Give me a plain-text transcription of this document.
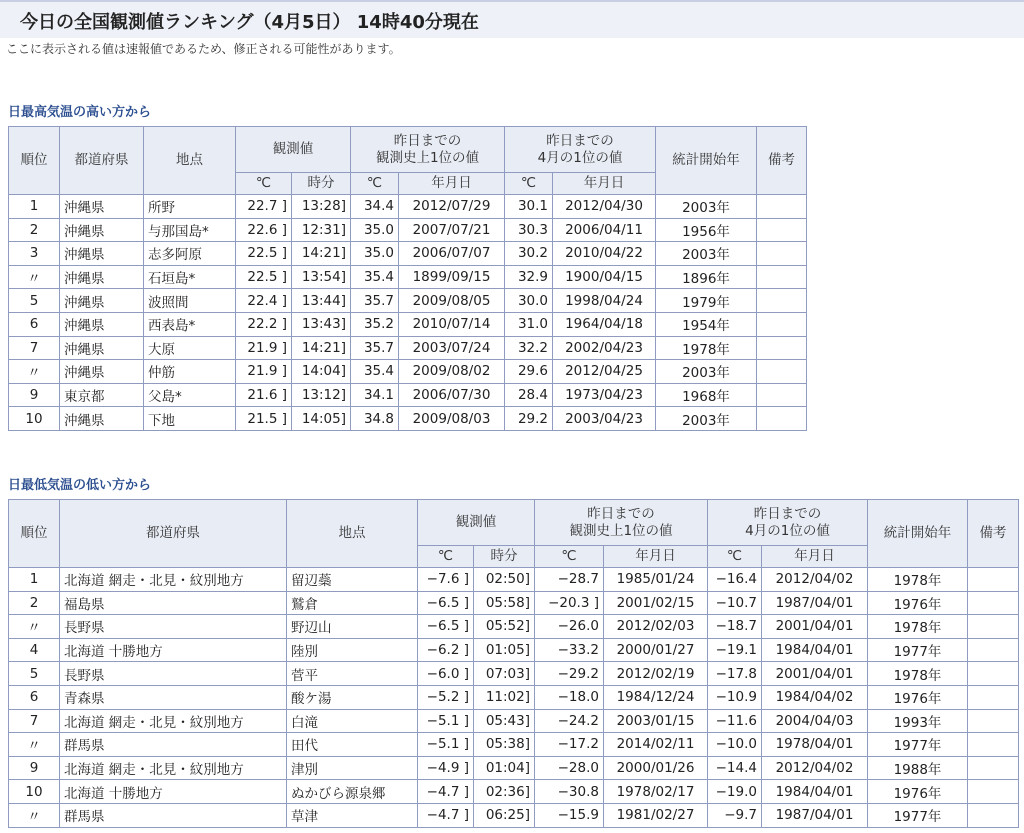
今日の全国観測値ランキング（4月5日） 14時40分現在
ここに表示される値は速報値であるため、修正される可能性があります。
日最高気温の高い方から
順位	都道府県	地点	観測値		昨日までの
観測史上1位の値		昨日までの
4月の1位の値		統計開始年	備考
			℃	時分	℃	年月日	℃	年月日		
1	沖縄県	所野	22.7 ]	13:28]	34.4	2012/07/29	30.1	2012/04/30	2003年	
2	沖縄県	与那国島*	22.6 ]	12:31]	35.0	2007/07/21	30.3	2006/04/11	1956年	
3	沖縄県	志多阿原	22.5 ]	14:21]	35.0	2006/07/07	30.2	2010/04/22	2003年	
〃	沖縄県	石垣島*	22.5 ]	13:54]	35.4	1899/09/15	32.9	1900/04/15	1896年	
5	沖縄県	波照間	22.4 ]	13:44]	35.7	2009/08/05	30.0	1998/04/24	1979年	
6	沖縄県	西表島*	22.2 ]	13:43]	35.2	2010/07/14	31.0	1964/04/18	1954年	
7	沖縄県	大原	21.9 ]	14:21]	35.7	2003/07/24	32.2	2002/04/23	1978年	
〃	沖縄県	仲筋	21.9 ]	14:04]	35.4	2009/08/02	29.6	2012/04/25	2003年	
9	東京都	父島*	21.6 ]	13:12]	34.1	2006/07/30	28.4	1973/04/23	1968年	
10	沖縄県	下地	21.5 ]	14:05]	34.8	2009/08/03	29.2	2003/04/23	2003年	
日最低気温の低い方から
順位	都道府県	地点	観測値		昨日までの
観測史上1位の値		昨日までの
4月の1位の値		統計開始年	備考
			℃	時分	℃	年月日	℃	年月日		
1	北海道 網走・北見・紋別地方	留辺蘂	−7.6 ]	02:50]	−28.7	1985/01/24	−16.4	2012/04/02	1978年	
2	福島県	鷲倉	−6.5 ]	05:58]	−20.3 ]	2001/02/15	−10.7	1987/04/01	1976年	
〃	長野県	野辺山	−6.5 ]	05:52]	−26.0	2012/02/03	−18.7	2001/04/01	1978年	
4	北海道 十勝地方	陸別	−6.2 ]	01:05]	−33.2	2000/01/27	−19.1	1984/04/01	1977年	
5	長野県	菅平	−6.0 ]	07:03]	−29.2	2012/02/19	−17.8	2001/04/01	1978年	
6	青森県	酸ケ湯	−5.2 ]	11:02]	−18.0	1984/12/24	−10.9	1984/04/02	1976年	
7	北海道 網走・北見・紋別地方	白滝	−5.1 ]	05:43]	−24.2	2003/01/15	−11.6	2004/04/03	1993年	
〃	群馬県	田代	−5.1 ]	05:38]	−17.2	2014/02/11	−10.0	1978/04/01	1977年	
9	北海道 網走・北見・紋別地方	津別	−4.9 ]	01:04]	−28.0	2000/01/26	−14.4	2012/04/02	1988年	
10	北海道 十勝地方	ぬかびら源泉郷	−4.7 ]	02:36]	−30.8	1978/02/17	−19.0	1984/04/01	1976年	
〃	群馬県	草津	−4.7 ]	06:25]	−15.9	1981/02/27	−9.7	1987/04/01	1977年	
